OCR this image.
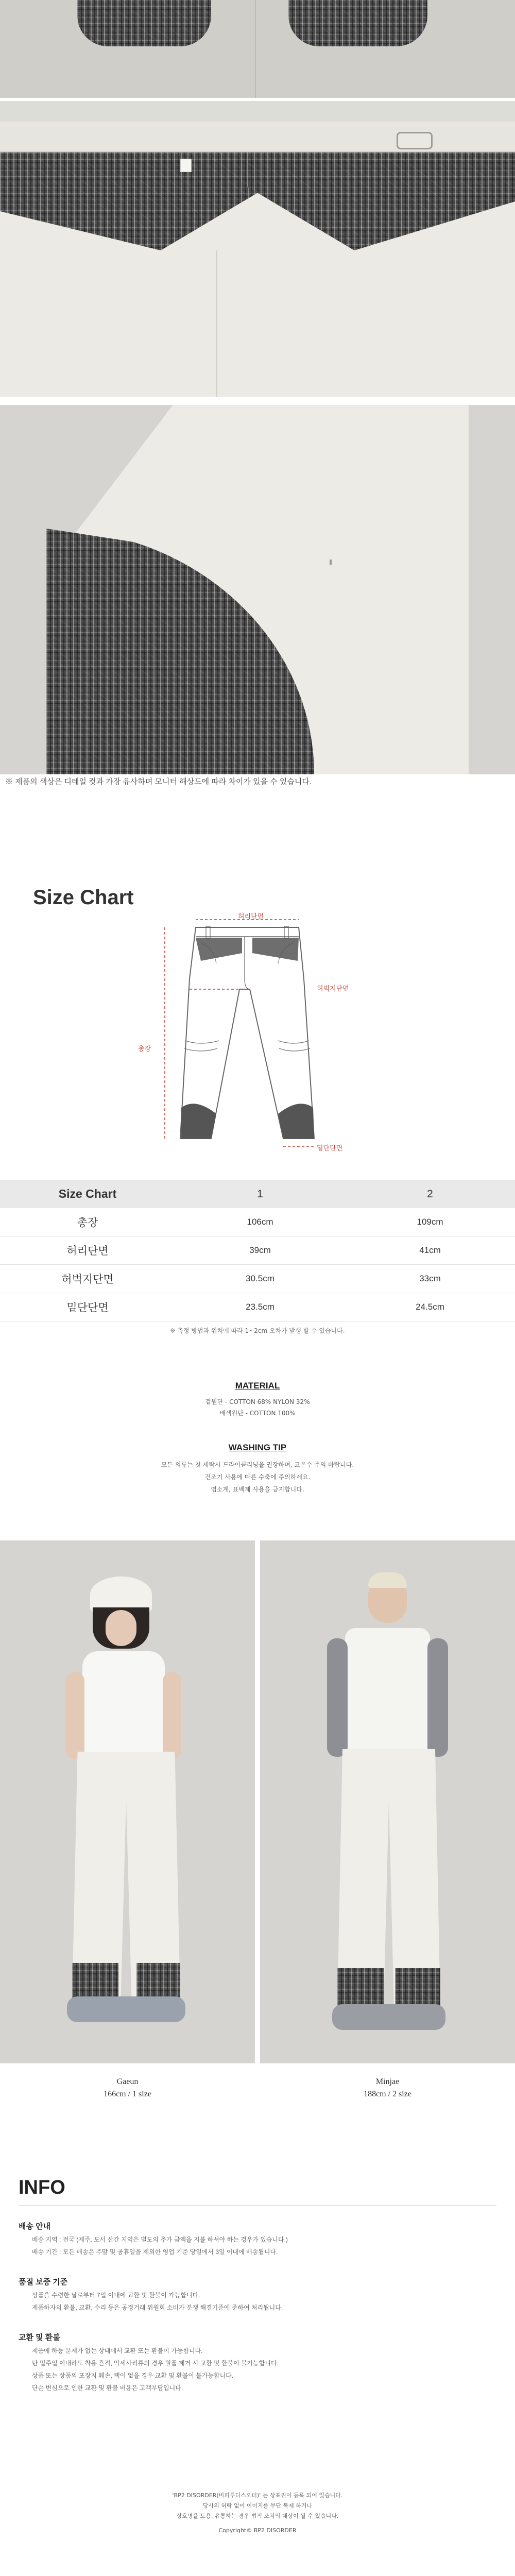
※ 제품의 색상은 디테일 컷과 가장 유사하며 모니터 해상도에 따라 차이가 있을 수 있습니다.
Size Chart
허리단면
허벅지단면
총장
밑단단면
Size Chart	1	2
총장	106cm	109cm
허리단면	39cm	41cm
허벅지단면	30.5cm	33cm
밑단단면	23.5cm	24.5cm
※ 측정 방법과 위치에 따라 1~2cm 오차가 발생 할 수 있습니다.
MATERIAL
겉원단 - COTTON 68% NYLON 32%
배색원단 - COTTON 100%
WASHING TIP
모든 의류는 첫 세탁시 드라이클리닝을 권장하며, 고온수 주의 바랍니다.
건조기 사용에 따른 수축에 주의하세요.
염소계, 표백제 사용을 금지합니다.
Gaeun
166cm / 1 size
Minjae
188cm / 2 size
INFO
배송 안내
배송 지역 : 전국 (제주, 도서 산간 지역은 별도의 추가 금액을 지불 하셔야 하는 경우가 있습니다.)
배송 기간 : 모든 배송은 주말 및 공휴일을 제외한 영업 기준 당일에서 3일 이내에 배송됩니다.
품질 보증 기준
상품을 수령한 날로부터 7일 이내에 교환 및 환불이 가능합니다.
제품하자의 환불, 교환, 수리 등은 공정거래 위원회 소비자 분쟁 해결기준에 준하여 처리됩니다.
교환 및 환불
제품에 하등 문제가 없는 상태에서 교환 또는 환불이 가능합니다.
단 밀주일 이내라도 착용 흔적, 악세사리류의 경우 월품 제거 시 교환 및 환불이 불가능합니다.
상품 또는 상품의 포장지 훼손, 택이 없을 경우 교환 및 환불이 불가능합니다.
단순 변심으로 인한 교환 및 환불 비용은 고객부담입니다.
'BP2 DISORDER(비피투디스오더)' 는 상표권이 등록 되어 있습니다.
당사의 허락 없이 이미지를 무단 복제 하거나
상호명을 도용, 유통하는 경우 법적 조치의 대상이 될 수 있습니다.
Copyright© BP2 DISORDER
